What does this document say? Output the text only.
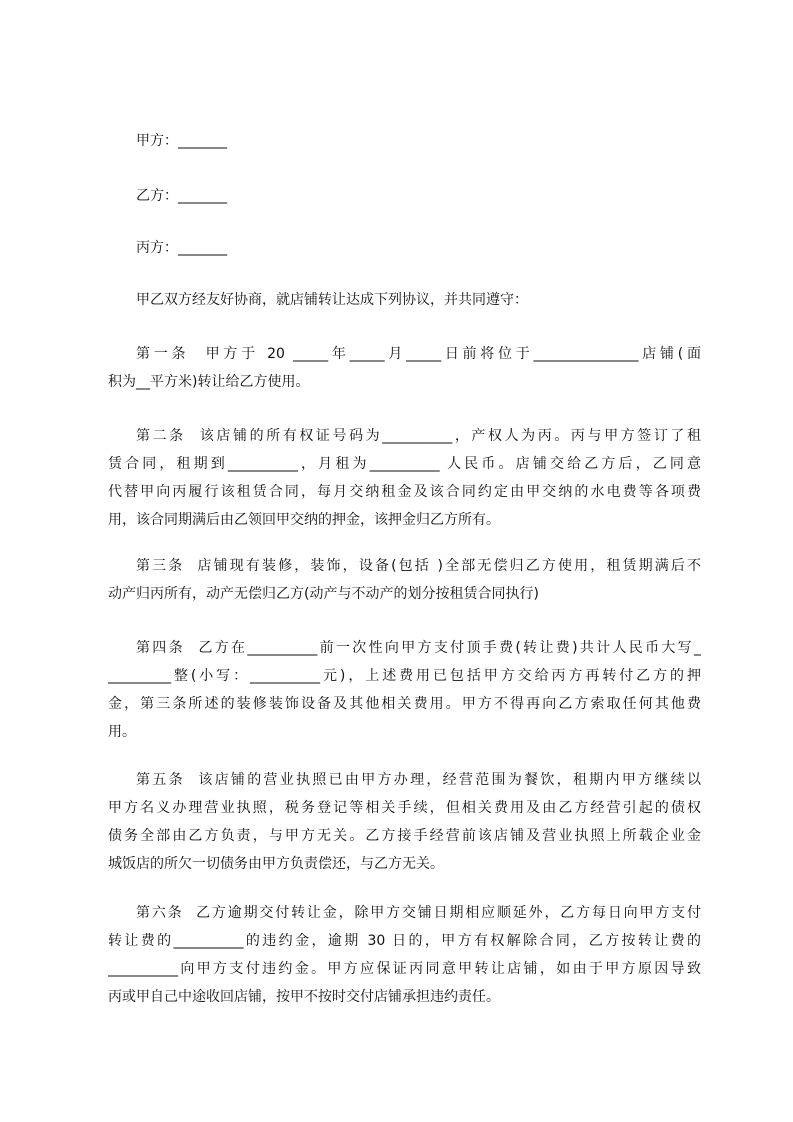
甲方：_______
乙方：_______
丙方：_______
甲乙双方经友好协商，就店铺转让达成下列协议，并共同遵守：
第一条  甲方于 20 _____年_____月_____日前将位于_______________店铺(面
积为__平方米)转让给乙方使用。
第二条  该店铺的所有权证号码为__________，产权人为丙。丙与甲方签订了租
赁合同，租期到__________，月租为__________ 人民币。店铺交给乙方后，乙同意
代替甲向丙履行该租赁合同，每月交纳租金及该合同约定由甲交纳的水电费等各项费
用，该合同期满后由乙领回甲交纳的押金，该押金归乙方所有。
第三条  店铺现有装修，装饰，设备(包括 )全部无偿归乙方使用，租赁期满后不
动产归丙所有，动产无偿归乙方(动产与不动产的划分按租赁合同执行)
第四条  乙方在__________前一次性向甲方支付顶手费(转让费)共计人民币大写_
_________整(小写：__________元)，上述费用已包括甲方交给丙方再转付乙方的押
金，第三条所述的装修装饰设备及其他相关费用。甲方不得再向乙方索取任何其他费
用。
第五条  该店铺的营业执照已由甲方办理，经营范围为餐饮，租期内甲方继续以
甲方名义办理营业执照，税务登记等相关手续，但相关费用及由乙方经营引起的债权
债务全部由乙方负责，与甲方无关。乙方接手经营前该店铺及营业执照上所载企业金
城饭店的所欠一切债务由甲方负责偿还，与乙方无关。
第六条  乙方逾期交付转让金，除甲方交铺日期相应顺延外，乙方每日向甲方支付
转让费的__________的违约金，逾期 30 日的，甲方有权解除合同，乙方按转让费的
__________向甲方支付违约金。甲方应保证丙同意甲转让店铺，如由于甲方原因导致
丙或甲自己中途收回店铺，按甲不按时交付店铺承担违约责任。
